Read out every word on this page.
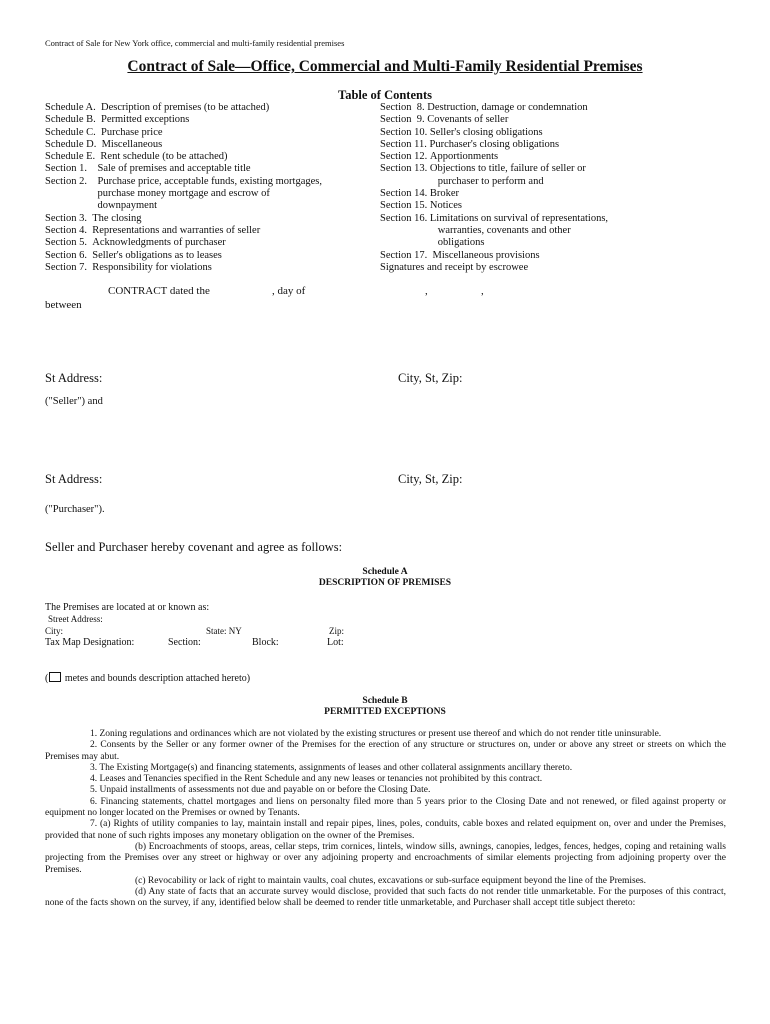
Contract of Sale for New York office, commercial and multi-family residential premises
Contract of Sale—Office, Commercial and Multi-Family Residential Premises
Table of Contents
Schedule A. Description of premises (to be attached)
Schedule B. Permitted exceptions
Schedule C. Purchase price
Schedule D. Miscellaneous
Schedule E. Rent schedule (to be attached)
Section 1. Sale of premises and acceptable title
Section 2. Purchase price, acceptable funds, existing mortgages, purchase money mortgage and escrow of downpayment
Section 3. The closing
Section 4. Representations and warranties of seller
Section 5. Acknowledgments of purchaser
Section 6. Seller's obligations as to leases
Section 7. Responsibility for violations
Section  8. Destruction, damage or condemnation
Section  9. Covenants of seller
Section 10. Seller's closing obligations
Section 11. Purchaser's closing obligations
Section 12. Apportionments
Section 13. Objections to title, failure of seller or
purchaser to perform and
Section 14. Broker
Section 15. Notices
Section 16. Limitations on survival of representations,
warranties, covenants and other
obligations
Section 17. Miscellaneous provisions
Signatures and receipt by escrowee
CONTRACT dated the	, day of	,	,
between
St Address:	City, St, Zip:
("Seller") and
St Address:	City, St, Zip:
("Purchaser").
Seller and Purchaser hereby covenant and agree as follows:
Schedule A
DESCRIPTION OF PREMISES
The Premises are located at or known as:
Street Address:
City:	State: NY	Zip:
Tax Map Designation:	Section:	Block:	Lot:
( metes and bounds description attached hereto)
Schedule B
PERMITTED EXCEPTIONS

1. Zoning regulations and ordinances which are not violated by the existing structures or present use thereof and which do not render title uninsurable.

2. Consents by the Seller or any former owner of the Premises for the erection of any structure or structures on, under or above any street or streets on which the Premises may abut.

3. The Existing Mortgage(s) and financing statements, assignments of leases and other collateral assignments ancillary thereto.

4. Leases and Tenancies specified in the Rent Schedule and any new leases or tenancies not prohibited by this contract.

5. Unpaid installments of assessments not due and payable on or before the Closing Date.

6. Financing statements, chattel mortgages and liens on personalty filed more than 5 years prior to the Closing Date and not renewed, or filed against property or equipment no longer located on the Premises or owned by Tenants.

7. (a) Rights of utility companies to lay, maintain install and repair pipes, lines, poles, conduits, cable boxes and related equipment on, over and under the Premises, provided that none of such rights imposes any monetary obligation on the owner of the Premises.

(b) Encroachments of stoops, areas, cellar steps, trim cornices, lintels, window sills, awnings, canopies, ledges, fences, hedges, coping and retaining walls projecting from the Premises over any street or highway or over any adjoining property and encroachments of similar elements projecting from adjoining property over the Premises.

(c) Revocability or lack of right to maintain vaults, coal chutes, excavations or sub-surface equipment beyond the line of the Premises.

(d) Any state of facts that an accurate survey would disclose, provided that such facts do not render title unmarketable. For the purposes of this contract, none of the facts shown on the survey, if any, identified below shall be deemed to render title unmarketable, and Purchaser shall accept title subject thereto:
